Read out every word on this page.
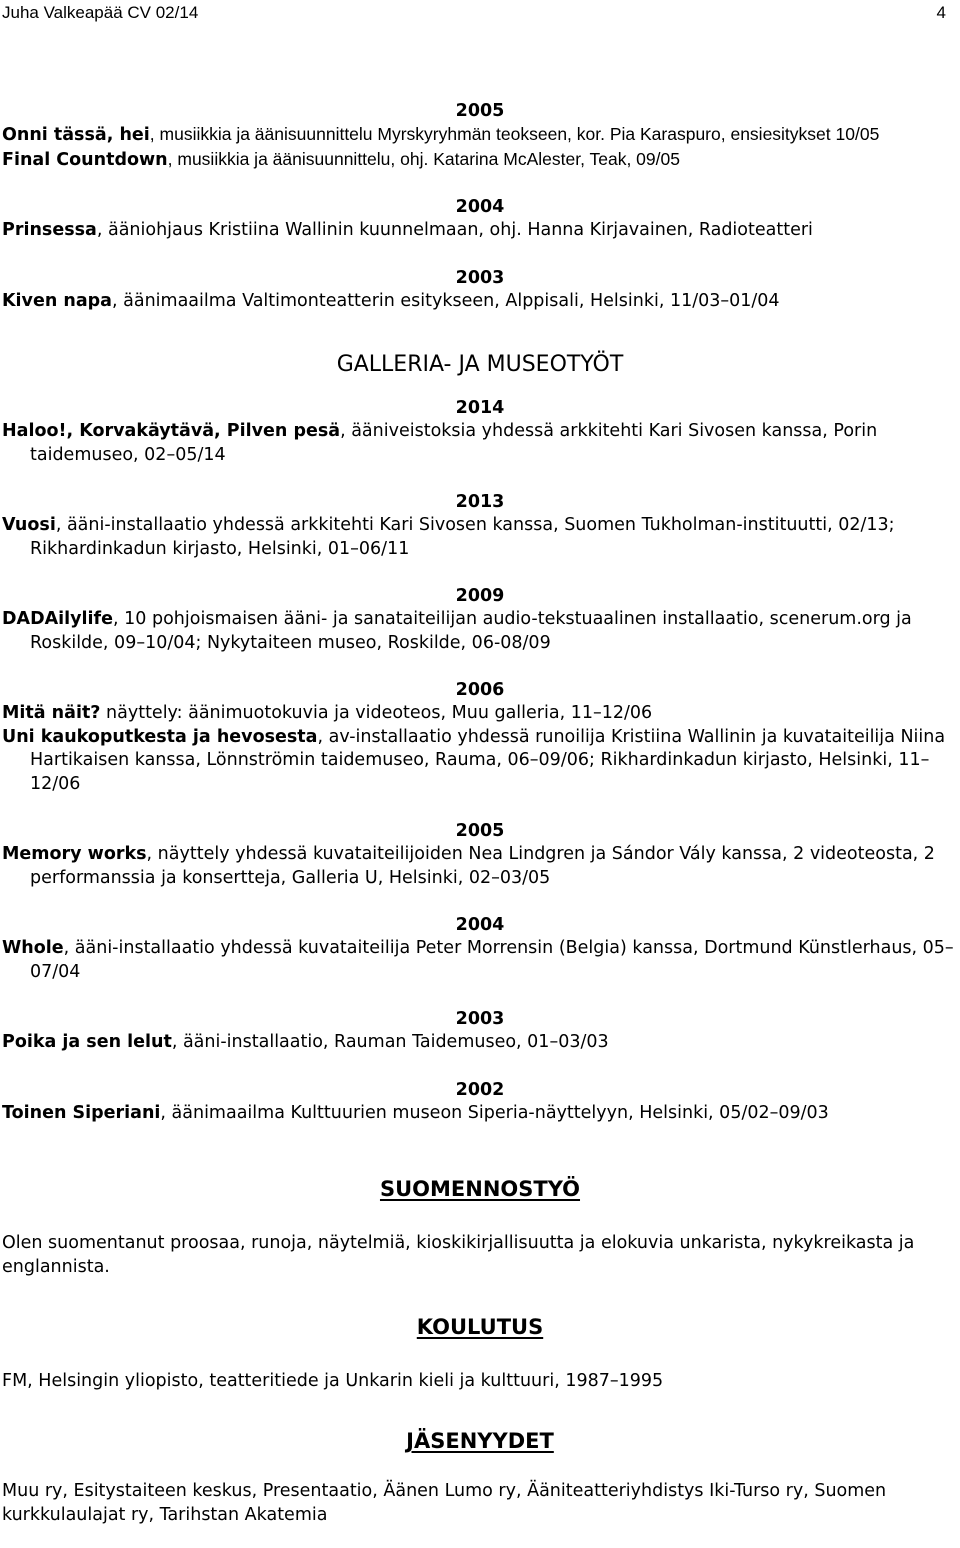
Juha Valkeapää CV 02/14	4
2005
Onni tässä, hei, musiikkia ja äänisuunnittelu Myrskyryhmän teokseen, kor. Pia Karaspuro, ensiesitykset 10/05
Final Countdown, musiikkia ja äänisuunnittelu, ohj. Katarina McAlester, Teak, 09/05
2004
Prinsessa, ääniohjaus Kristiina Wallinin kuunnelmaan, ohj. Hanna Kirjavainen, Radioteatteri
2003
Kiven napa, äänimaailma Valtimonteatterin esitykseen, Alppisali, Helsinki, 11/03–01/04
GALLERIA- JA MUSEOTYÖT
2014
Haloo!, Korvakäytävä, Pilven pesä, ääniveistoksia yhdessä arkkitehti Kari Sivosen kanssa, Porin taidemuseo, 02–05/14
2013
Vuosi, ääni-installaatio yhdessä arkkitehti Kari Sivosen kanssa, Suomen Tukholman-instituutti, 02/13; Rikhardinkadun kirjasto, Helsinki, 01–06/11
2009
DADAilylife, 10 pohjoismaisen ääni- ja sanataiteilijan audio-tekstuaalinen installaatio, scenerum.org ja Roskilde, 09–10/04; Nykytaiteen museo, Roskilde, 06-08/09
2006
Mitä näit? näyttely: äänimuotokuvia ja videoteos, Muu galleria, 11–12/06
Uni kaukoputkesta ja hevosesta, av-installaatio yhdessä runoilija Kristiina Wallinin ja kuvataiteilija Niina Hartikaisen kanssa, Lönnströmin taidemuseo, Rauma, 06–09/06; Rikhardinkadun kirjasto, Helsinki, 11–12/06
2005
Memory works, näyttely yhdessä kuvataiteilijoiden Nea Lindgren ja Sándor Vály kanssa, 2 videoteosta, 2 performanssia ja konsertteja, Galleria U, Helsinki, 02–03/05
2004
Whole, ääni-installaatio yhdessä kuvataiteilija Peter Morrensin (Belgia) kanssa, Dortmund Künstlerhaus, 05–07/04
2003
Poika ja sen lelut, ääni-installaatio, Rauman Taidemuseo, 01–03/03
2002
Toinen Siperiani, äänimaailma Kulttuurien museon Siperia-näyttelyyn, Helsinki, 05/02–09/03
SUOMENNOSTYÖ
Olen suomentanut proosaa, runoja, näytelmiä, kioskikirjallisuutta ja elokuvia unkarista, nykykreikasta ja englannista.
KOULUTUS
FM, Helsingin yliopisto, teatteritiede ja Unkarin kieli ja kulttuuri, 1987–1995
JÄSENYYDET
Muu ry, Esitystaiteen keskus, Presentaatio, Äänen Lumo ry, Ääniteatteriyhdistys Iki-Turso ry, Suomen kurkkulaulajat ry, Tarihstan Akatemia
